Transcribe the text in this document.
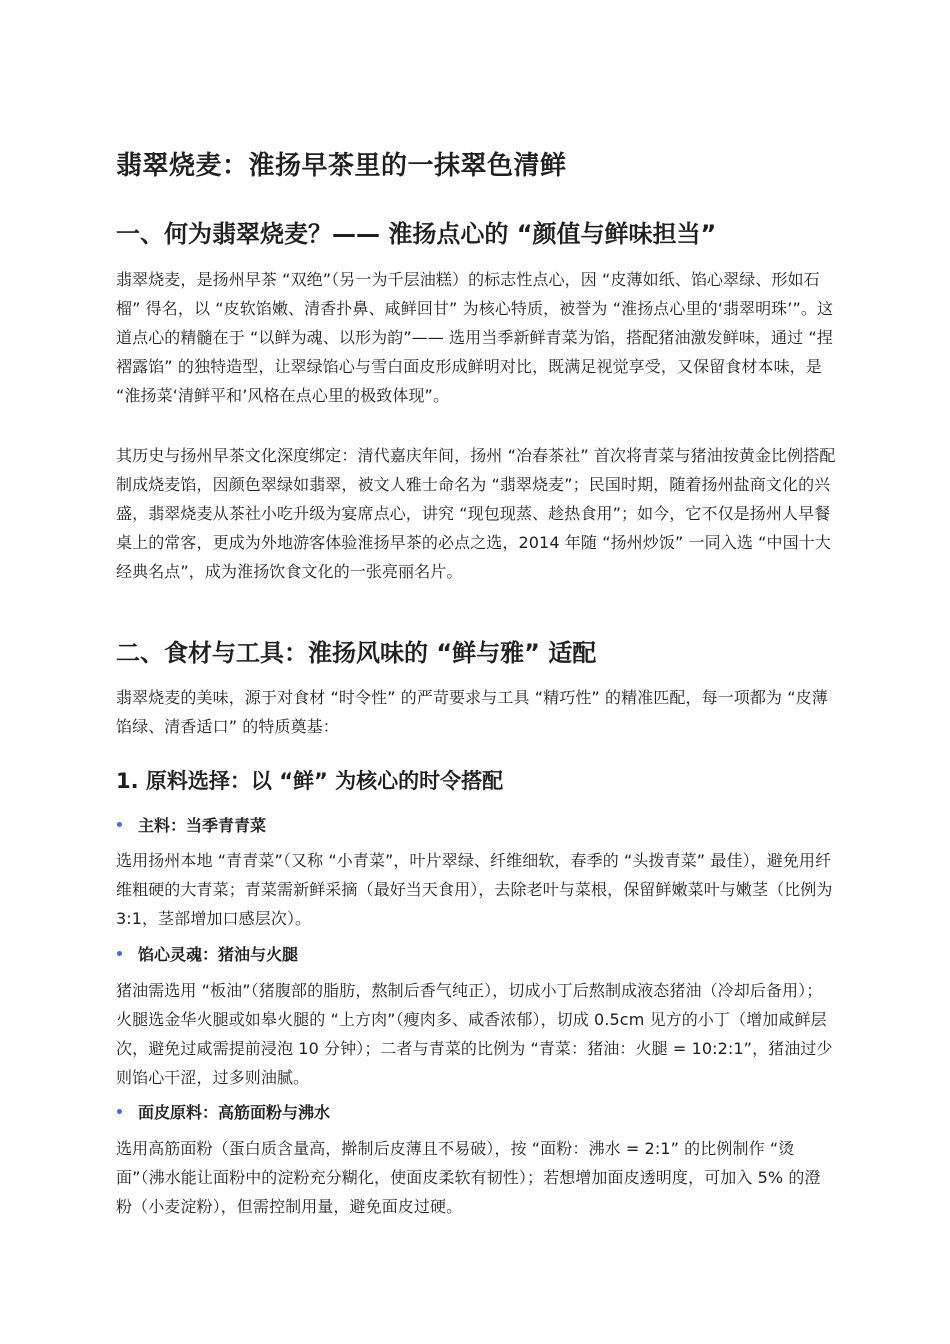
翡翠烧麦：淮扬早茶里的一抹翠色清鲜
一、何为翡翠烧麦？—— 淮扬点心的 “颜值与鲜味担当”

翡翠烧麦，是扬州早茶 “双绝”（另一为千层油糕）的标志性点心，因 “皮薄如纸、馅心翠绿、形如石榴” 得名，以 “皮软馅嫩、清香扑鼻、咸鲜回甘” 为核心特质，被誉为 “淮扬点心里的‘翡翠明珠’”。这道点心的精髓在于 “以鲜为魂、以形为韵”—— 选用当季新鲜青菜为馅，搭配猪油激发鲜味，通过 “捏褶露馅” 的独特造型，让翠绿馅心与雪白面皮形成鲜明对比，既满足视觉享受，又保留食材本味，是 “淮扬菜‘清鲜平和’风格在点心里的极致体现”。

其历史与扬州早茶文化深度绑定：清代嘉庆年间，扬州 “冶春茶社” 首次将青菜与猪油按黄金比例搭配制成烧麦馅，因颜色翠绿如翡翠，被文人雅士命名为 “翡翠烧麦”；民国时期，随着扬州盐商文化的兴盛，翡翠烧麦从茶社小吃升级为宴席点心，讲究 “现包现蒸、趁热食用”；如今，它不仅是扬州人早餐桌上的常客，更成为外地游客体验淮扬早茶的必点之选，2014 年随 “扬州炒饭” 一同入选 “中国十大经典名点”，成为淮扬饮食文化的一张亮丽名片。

二、食材与工具：淮扬风味的 “鲜与雅” 适配

翡翠烧麦的美味，源于对食材 “时令性” 的严苛要求与工具 “精巧性” 的精准匹配，每一项都为 “皮薄馅绿、清香适口” 的特质奠基：

1. 原料选择：以 “鲜” 为核心的时令搭配
主料：当季青青菜

选用扬州本地 “青青菜”（又称 “小青菜”，叶片翠绿、纤维细软，春季的 “头拨青菜” 最佳），避免用纤维粗硬的大青菜；青菜需新鲜采摘（最好当天食用），去除老叶与菜根，保留鲜嫩菜叶与嫩茎（比例为 3:1，茎部增加口感层次）。

馅心灵魂：猪油与火腿

猪油需选用 “板油”（猪腹部的脂肪，熬制后香气纯正），切成小丁后熬制成液态猪油（冷却后备用）；火腿选金华火腿或如皋火腿的 “上方肉”（瘦肉多、咸香浓郁），切成 0.5cm 见方的小丁（增加咸鲜层次，避免过咸需提前浸泡 10 分钟）；二者与青菜的比例为 “青菜：猪油：火腿 = 10:2:1”，猪油过少则馅心干涩，过多则油腻。

面皮原料：高筋面粉与沸水

选用高筋面粉（蛋白质含量高，擀制后皮薄且不易破），按 “面粉：沸水 = 2:1” 的比例制作 “烫面”（沸水能让面粉中的淀粉充分糊化，使面皮柔软有韧性）；若想增加面皮透明度，可加入 5% 的澄粉（小麦淀粉），但需控制用量，避免面皮过硬。
